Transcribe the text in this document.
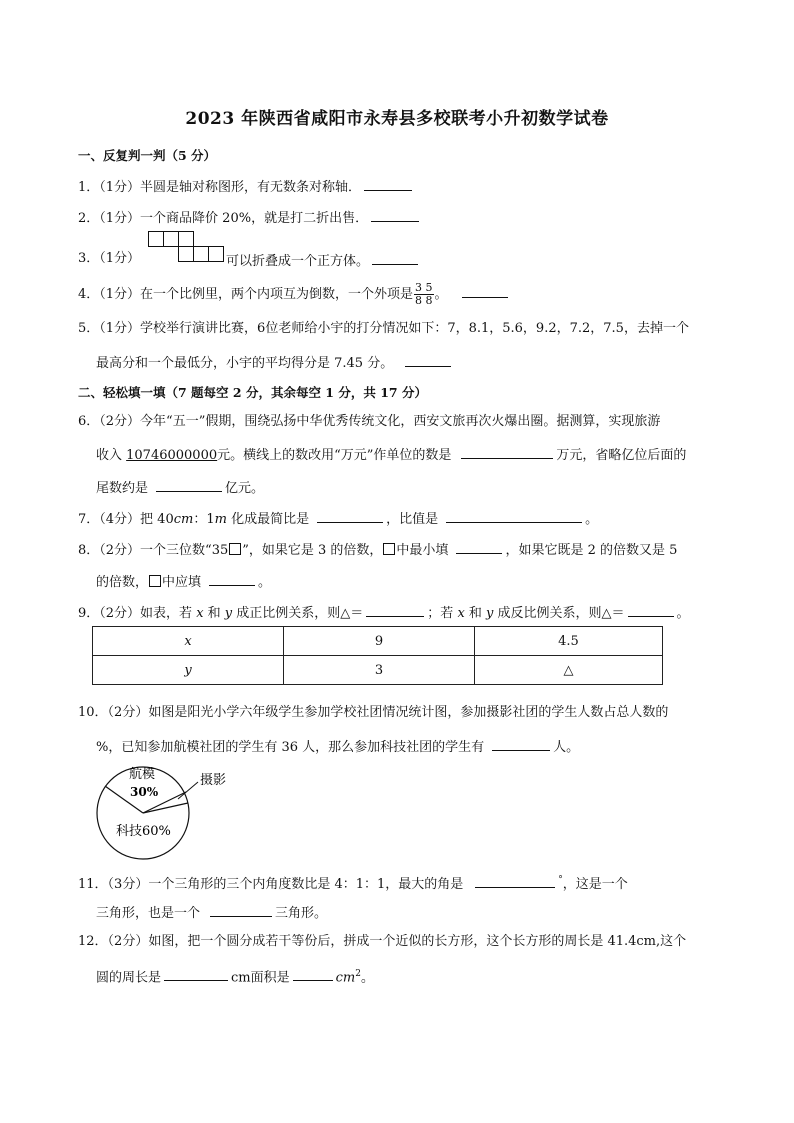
2023 年陕西省咸阳市永寿县多校联考小升初数学试卷
一、反复判一判（5 分）
1．（1分）半圆是轴对称图形，有无数条对称轴．
2．（1分）一个商品降价 20%，就是打二折出售．
3．（1分）	可以折叠成一个正方体。
4．（1分）在一个比例里，两个内项互为倒数，一个外项是 $\frac{3 5}{8 8}$ 。
5．（1分）学校举行演讲比赛，6位老师给小宇的打分情况如下：7，8.1，5.6，9.2，7.2，7.5，去掉一个
最高分和一个最低分，小宇的平均得分是 7.45 分。
二、轻松填一填（7 题每空 2 分，其余每空 1 分，共 17 分）
6．（2分）今年“五一”假期，围绕弘扬中华优秀传统文化，西安文旅再次火爆出圈。据测算，实现旅游
收入 10746000000元。横线上的数改用“万元”作单位的数是	万元，省略亿位后面的
尾数约是	亿元。
7．（4分）把 40cm：1m 化成最简比是	，比值是	。
8．（2分）一个三位数“35 ”，如果它是 3 的倍数， 中最小填	，如果它既是 2 的倍数又是 5
的倍数， 中应填	。
9．（2分）如表，若 x 和 y 成正比例关系，则△＝	；若 x 和 y 成反比例关系，则△＝	。
x	9	4.5
y	3	△
10．（2分）如图是阳光小学六年级学生参加学校社团情况统计图，参加摄影社团的学生人数占总人数的
%，已知参加航模社团的学生有 36 人，那么参加科技社团的学生有	人。
航模
30%
摄影
科技60%
11．（3分）一个三角形的三个内角度数比是 4：1：1，最大的角是	°，这是一个
三角形，也是一个	三角形。
12．（2分）如图，把一个圆分成若干等份后，拼成一个近似的长方形，这个长方形的周长是 41.4cm,这个
圆的周长是	cm面积是	$cm^2$。
